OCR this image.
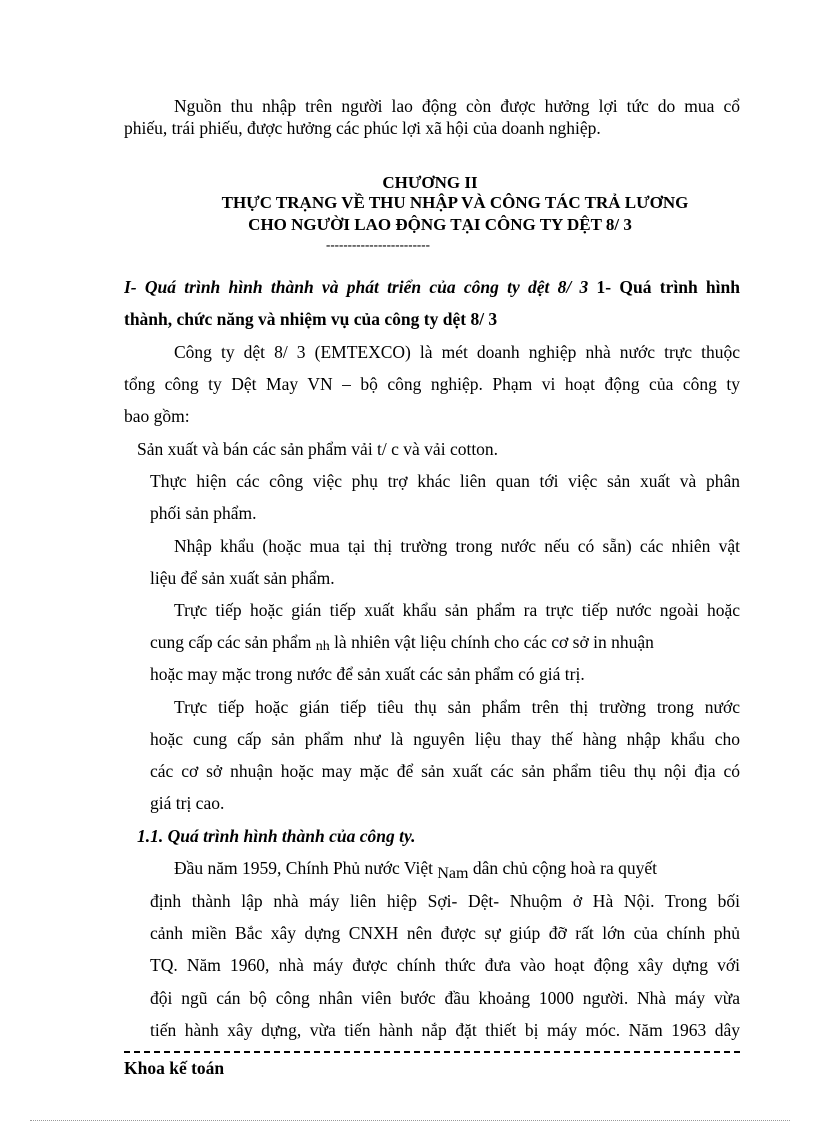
Nguồn thu nhập trên người lao động còn được hưởng lợi tức do mua cổ
phiếu, trái phiếu, được hưởng các phúc lợi xã hội của doanh nghiệp.
CHƯƠNG II
THỰC TRẠNG VỀ THU NHẬP VÀ CÔNG TÁC TRẢ LƯƠNG
CHO NGƯỜI LAO ĐỘNG TẠI CÔNG TY DỆT 8/ 3
------------------------
I- Quá trình hình thành và phát triển của công ty dệt 8/ 3 1- Quá trình hình
thành, chức năng và nhiệm vụ của công ty dệt 8/ 3
Công ty dệt 8/ 3 (EMTEXCO) là mét doanh nghiệp nhà nước trực thuộc
tổng công ty Dệt May VN – bộ công nghiệp. Phạm vi hoạt động của công ty
bao gồm:
Sản xuất và bán các sản phẩm vải t/ c và vải cotton.
Thực hiện các công việc phụ trợ khác liên quan tới việc sản xuất và phân
phối sản phẩm.
Nhập khẩu (hoặc mua tại thị trường trong nước nếu có sẵn) các nhiên vật
liệu để sản xuất sản phẩm.
Trực tiếp hoặc gián tiếp xuất khẩu sản phẩm ra trực tiếp nước ngoài hoặc
cung cấp các sản phẩm nh là nhiên vật liệu chính cho các cơ sở in nhuận
hoặc may mặc trong nước để sản xuất các sản phẩm có giá trị.
Trực tiếp hoặc gián tiếp tiêu thụ sản phẩm trên thị trường trong nước
hoặc cung cấp sản phẩm như là nguyên liệu thay thế hàng nhập khẩu cho
các cơ sở nhuận hoặc may mặc để sản xuất các sản phẩm tiêu thụ nội địa có
giá trị cao.
1.1. Quá trình hình thành của công ty.
Đầu năm 1959, Chính Phủ nước Việt Nam dân chủ cộng hoà ra quyết
định thành lập nhà máy liên hiệp Sợi- Dệt- Nhuộm ở Hà Nội. Trong bối
cảnh miền Bắc xây dựng CNXH nên được sự giúp đỡ rất lớn của chính phủ
TQ. Năm 1960, nhà máy được chính thức đưa vào hoạt động xây dựng với
đội ngũ cán bộ công nhân viên bước đầu khoảng 1000 người. Nhà máy vừa
tiến hành xây dựng, vừa tiến hành nắp đặt thiết bị máy móc. Năm 1963 dây
Khoa kế toán
